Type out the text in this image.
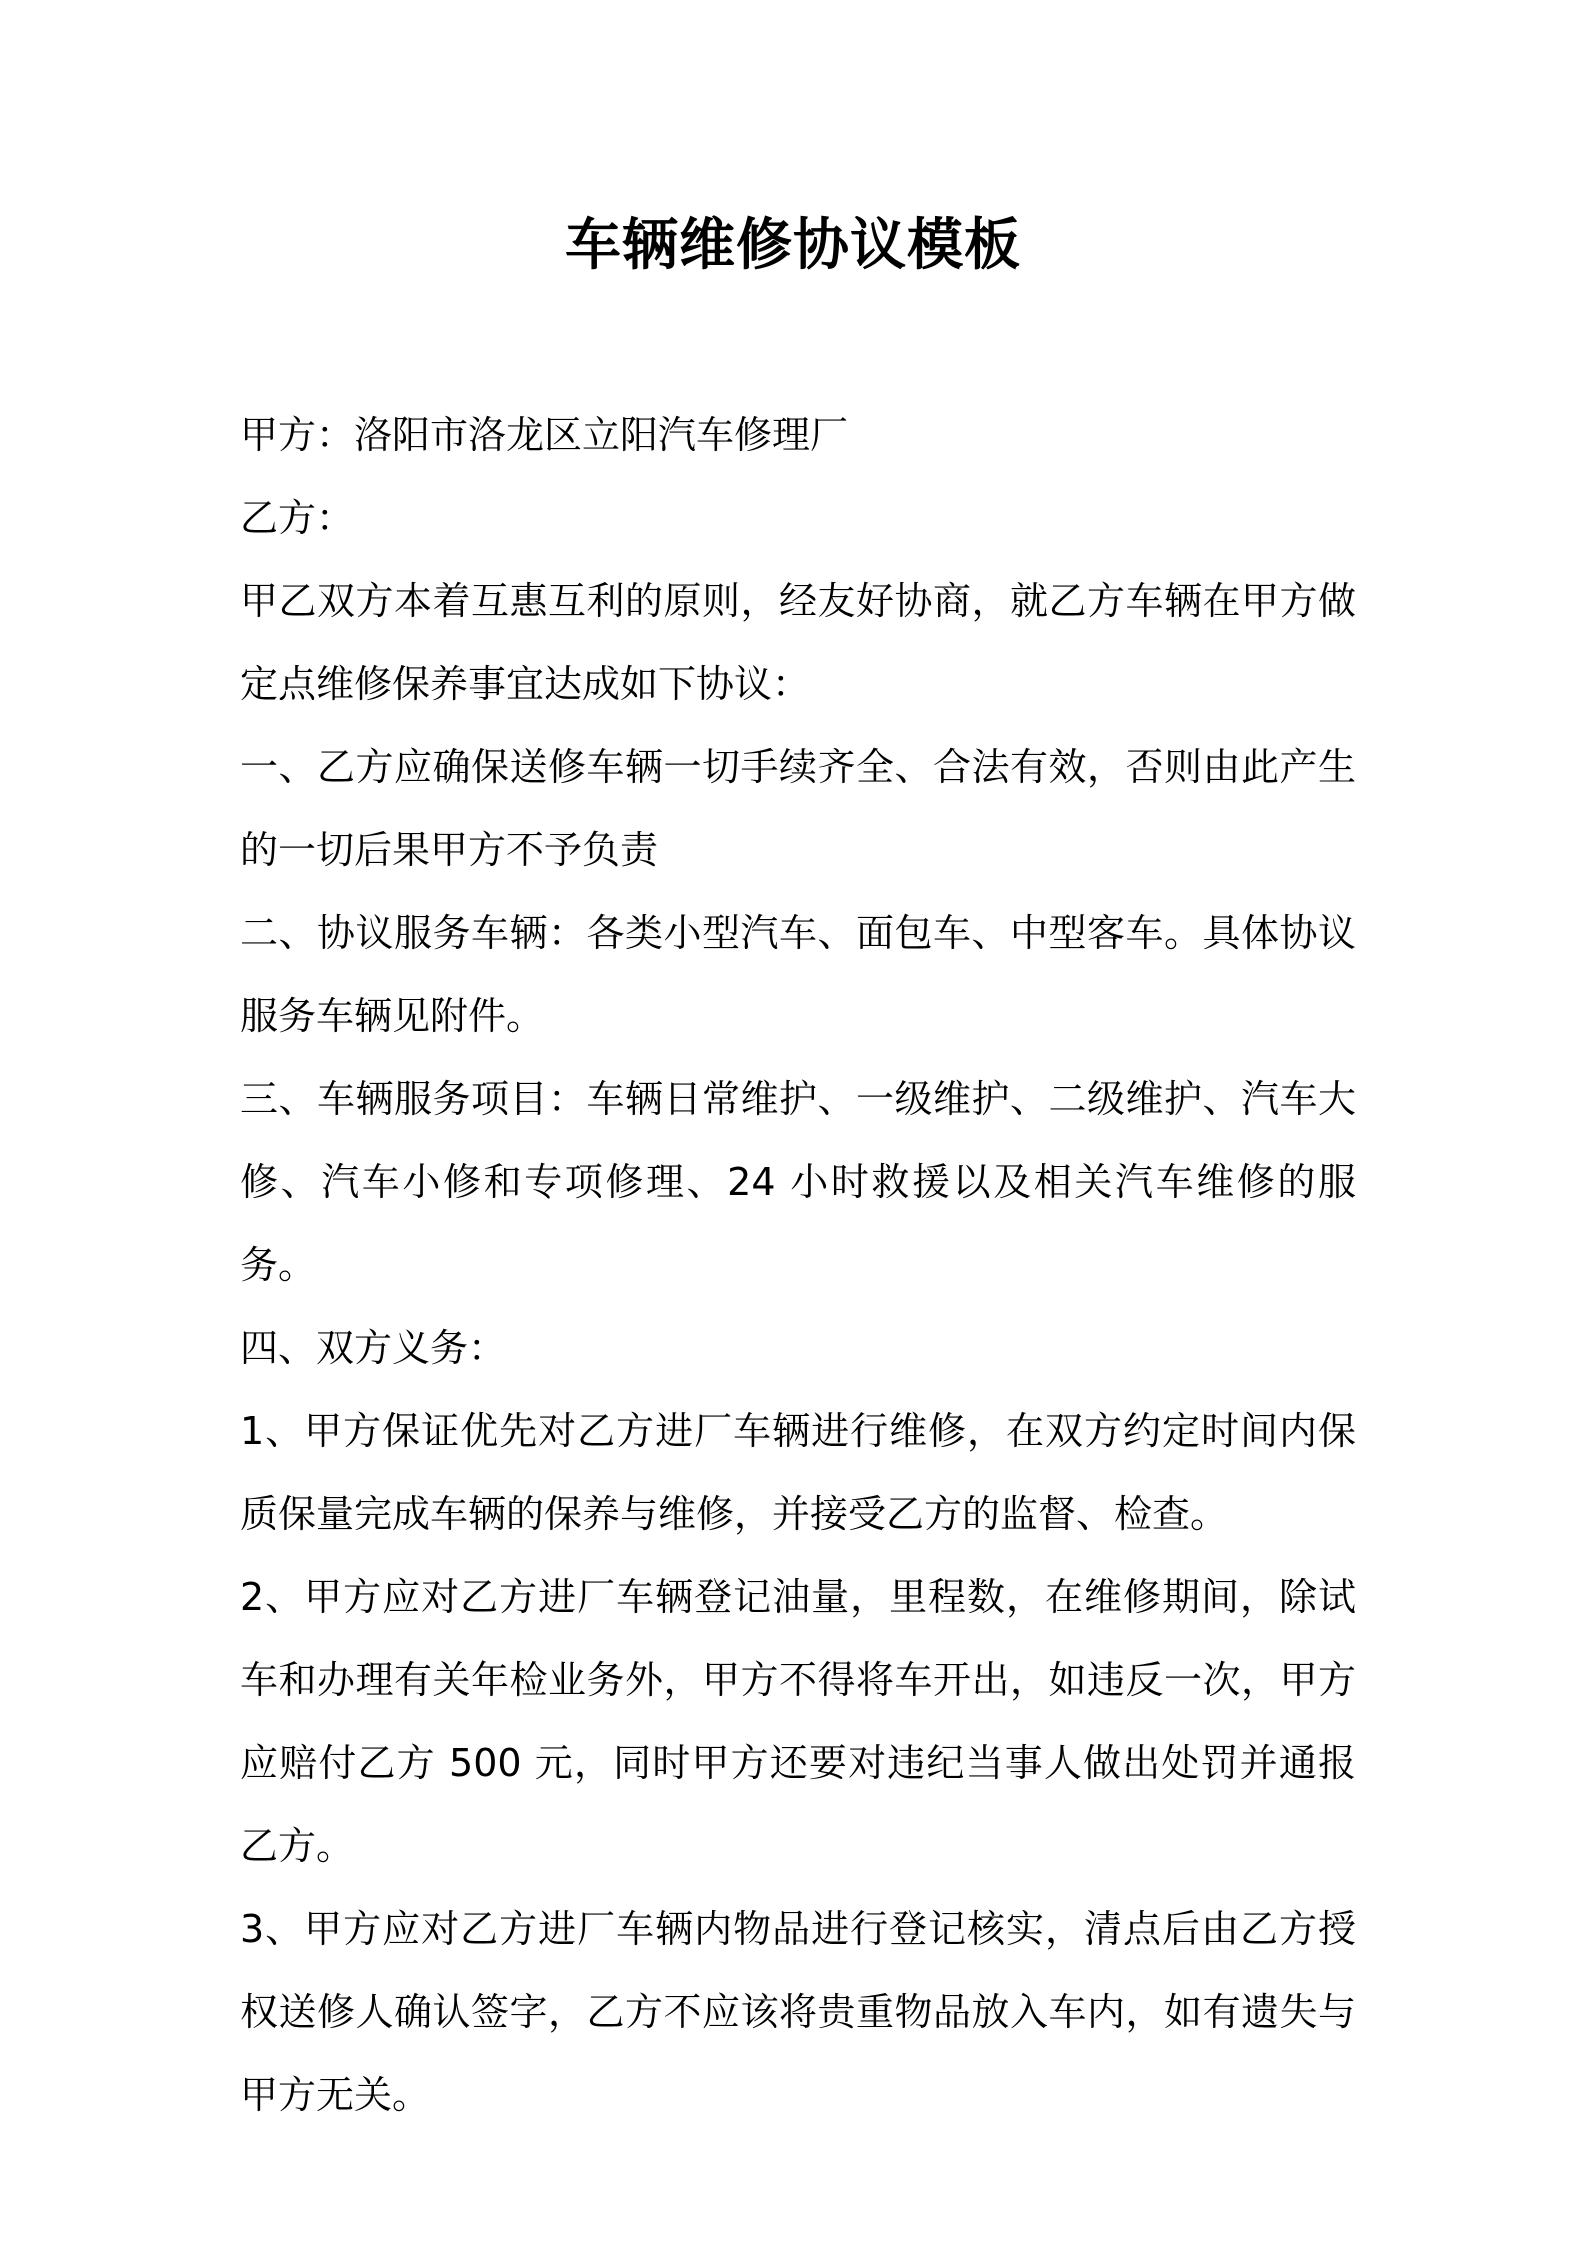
车辆维修协议模板

甲方：洛阳市洛龙区立阳汽车修理厂

乙方：

甲乙双方本着互惠互利的原则，经友好协商，就乙方车辆在甲方做定点维修保养事宜达成如下协议：

一、乙方应确保送修车辆一切手续齐全、合法有效，否则由此产生的一切后果甲方不予负责

二、协议服务车辆：各类小型汽车、面包车、中型客车。具体协议服务车辆见附件。

三、车辆服务项目：车辆日常维护、一级维护、二级维护、汽车大修、汽车小修和专项修理、24 小时救援以及相关汽车维修的服务。

四、双方义务：

1、甲方保证优先对乙方进厂车辆进行维修，在双方约定时间内保质保量完成车辆的保养与维修，并接受乙方的监督、检查。

2、甲方应对乙方进厂车辆登记油量，里程数，在维修期间，除试车和办理有关年检业务外，甲方不得将车开出，如违反一次，甲方应赔付乙方 500 元，同时甲方还要对违纪当事人做出处罚并通报乙方。

3、甲方应对乙方进厂车辆内物品进行登记核实，清点后由乙方授权送修人确认签字，乙方不应该将贵重物品放入车内，如有遗失与甲方无关。
